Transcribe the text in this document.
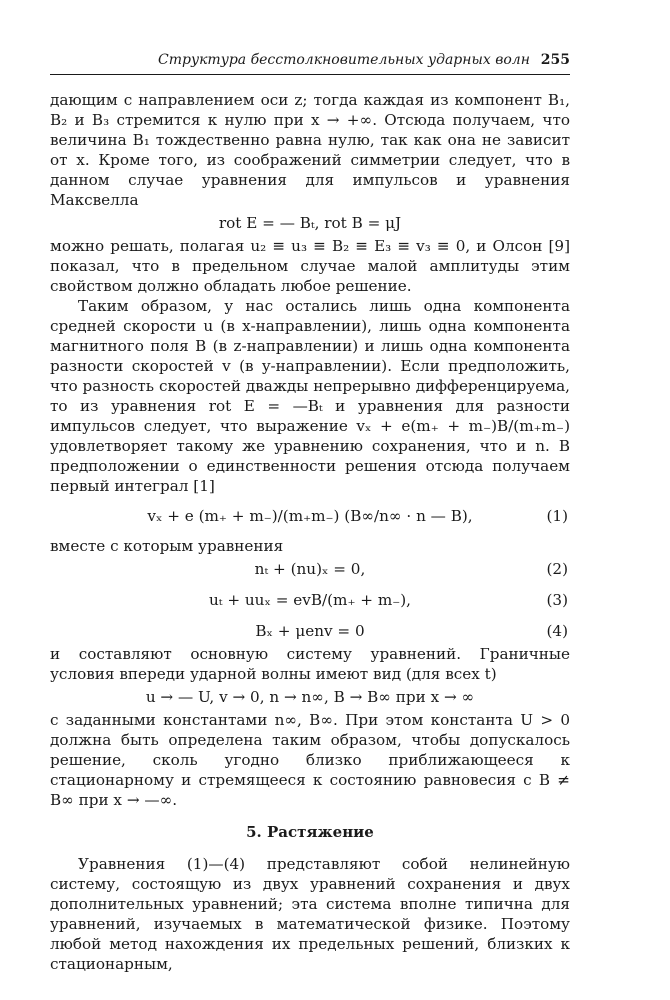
Структура бесстолкновительных ударных волн 255

дающим с направлением оси z; тогда каждая из компонент B₁, B₂ и B₃ стремится к нулю при x → +∞. Отсюда получаем, что величина B₁ тождественно равна нулю, так как она не зависит от x. Кроме того, из соображений симметрии следует, что в данном случае уравнения для импульсов и уравнения Максвелла

rot E = — Bₜ, rot B = μJ

можно решать, полагая u₂ ≡ u₃ ≡ B₂ ≡ E₃ ≡ v₃ ≡ 0, и Олсон [9] показал, что в предельном случае малой амплитуды этим свойством должно обладать любое решение.

Таким образом, у нас остались лишь одна компонента средней скорости u (в x-направлении), лишь одна компонента магнитного поля B (в z-направлении) и лишь одна компонента разности скоростей v (в y-направлении). Если предположить, что разность скоростей дважды непрерывно дифференцируема, то из уравнения rot E = —Bₜ и уравнения для разности импульсов следует, что выражение vₓ + e(m₊ + m₋)B/(m₊m₋) удовлетворяет такому же уравнению сохранения, что и n. В предположении о единственности решения отсюда получаем первый интеграл [1]

vₓ + e (m₊ + m₋)/(m₊m₋) (B∞/n∞ · n — B),	(1)

вместе с которым уравнения

nₜ + (nu)ₓ = 0,	(2)
uₜ + uuₓ = evB/(m₊ + m₋),	(3)
Bₓ + μenv = 0	(4)

и составляют основную систему уравнений. Граничные условия впереди ударной волны имеют вид (для всех t)

u → — U, v → 0, n → n∞, B → B∞ при x → ∞

с заданными константами n∞, B∞. При этом константа U > 0 должна быть определена таким образом, чтобы допускалось решение, сколь угодно близко приближающееся к стационарному и стремящееся к состоянию равновесия с B ≠ B∞ при x → —∞.

5. Растяжение

Уравнения (1)—(4) представляют собой нелинейную систему, состоящую из двух уравнений сохранения и двух дополнительных уравнений; эта система вполне типична для уравнений, изучаемых в математической физике. Поэтому любой метод нахождения их предельных решений, близких к стационарным,
